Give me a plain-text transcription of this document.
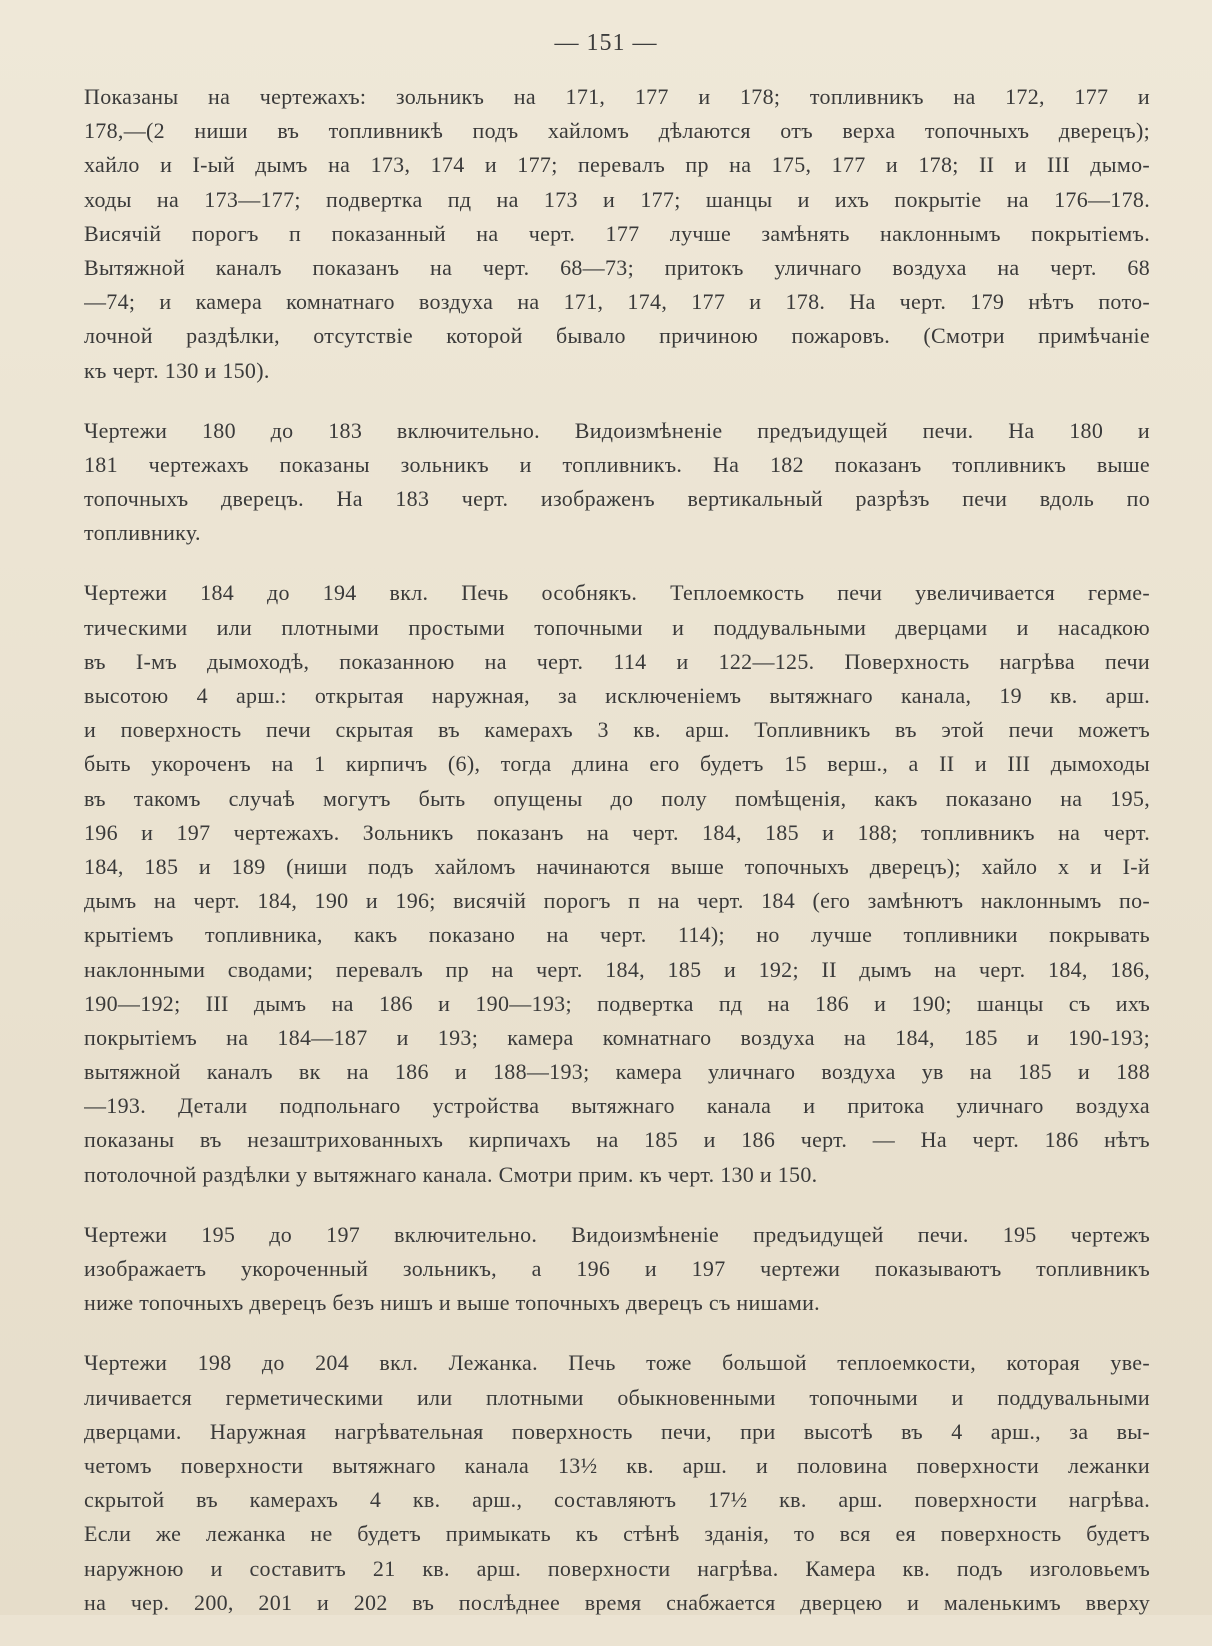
— 151 —
Показаны на чертежахъ: зольникъ на 171, 177 и 178; топливникъ на 172, 177 и
178,—(2 ниши въ топливникѣ подъ хайломъ дѣлаются отъ верха топочныхъ дверецъ);
хайло и I-ый дымъ на 173, 174 и 177; перевалъ пр на 175, 177 и 178; II и III дымо-
ходы на 173—177; подвертка пд на 173 и 177; шанцы и ихъ покрытіе на 176—178.
Висячій порогъ п показанный на черт. 177 лучше замѣнять наклоннымъ покрытіемъ.
Вытяжной каналъ показанъ на черт. 68—73; притокъ уличнаго воздуха на черт. 68
—74; и камера комнатнаго воздуха на 171, 174, 177 и 178. На черт. 179 нѣтъ пото-
лочной раздѣлки, отсутствіе которой бывало причиною пожаровъ. (Смотри примѣчаніе
къ черт. 130 и 150).
Чертежи 180 до 183 включительно. Видоизмѣненіе предъидущей печи. На 180 и
181 чертежахъ показаны зольникъ и топливникъ. На 182 показанъ топливникъ выше
топочныхъ дверецъ. На 183 черт. изображенъ вертикальный разрѣзъ печи вдоль по
топливнику.
Чертежи 184 до 194 вкл. Печь особнякъ. Теплоемкость печи увеличивается герме-
тическими или плотными простыми топочными и поддувальными дверцами и насадкою
въ I-мъ дымоходѣ, показанною на черт. 114 и 122—125. Поверхность нагрѣва печи
высотою 4 арш.: открытая наружная, за исключеніемъ вытяжнаго канала, 19 кв. арш.
и поверхность печи скрытая въ камерахъ 3 кв. арш. Топливникъ въ этой печи можетъ
быть укороченъ на 1 кирпичъ (6), тогда длина его будетъ 15 верш., а II и III дымоходы
въ такомъ случаѣ могутъ быть опущены до полу помѣщенія, какъ показано на 195,
196 и 197 чертежахъ. Зольникъ показанъ на черт. 184, 185 и 188; топливникъ на черт.
184, 185 и 189 (ниши подъ хайломъ начинаются выше топочныхъ дверецъ); хайло х и I-й
дымъ на черт. 184, 190 и 196; висячій порогъ п на черт. 184 (его замѣнютъ наклоннымъ по-
крытіемъ топливника, какъ показано на черт. 114); но лучше топливники покрывать
наклонными сводами; перевалъ пр на черт. 184, 185 и 192; II дымъ на черт. 184, 186,
190—192; III дымъ на 186 и 190—193; подвертка пд на 186 и 190; шанцы съ ихъ
покрытіемъ на 184—187 и 193; камера комнатнаго воздуха на 184, 185 и 190-193;
вытяжной каналъ вк на 186 и 188—193; камера уличнаго воздуха ув на 185 и 188
—193. Детали подпольнаго устройства вытяжнаго канала и притока уличнаго воздуха
показаны въ незаштрихованныхъ кирпичахъ на 185 и 186 черт. — На черт. 186 нѣтъ
потолочной раздѣлки у вытяжнаго канала. Смотри прим. къ черт. 130 и 150.
Чертежи 195 до 197 включительно. Видоизмѣненіе предъидущей печи. 195 чертежъ
изображаетъ укороченный зольникъ, а 196 и 197 чертежи показываютъ топливникъ
ниже топочныхъ дверецъ безъ нишъ и выше топочныхъ дверецъ съ нишами.
Чертежи 198 до 204 вкл. Лежанка. Печь тоже большой теплоемкости, которая уве-
личивается герметическими или плотными обыкновенными топочными и поддувальными
дверцами. Наружная нагрѣвательная поверхность печи, при высотѣ въ 4 арш., за вы-
четомъ поверхности вытяжнаго канала 13½ кв. арш. и половина поверхности лежанки
скрытой въ камерахъ 4 кв. арш., составляютъ 17½ кв. арш. поверхности нагрѣва.
Если же лежанка не будетъ примыкать къ стѣнѣ зданія, то вся ея поверхность будетъ
наружною и составитъ 21 кв. арш. поверхности нагрѣва. Камера кв. подъ изголовьемъ
на чер. 200, 201 и 202 въ послѣднее время снабжается дверцею и маленькимъ вверху
